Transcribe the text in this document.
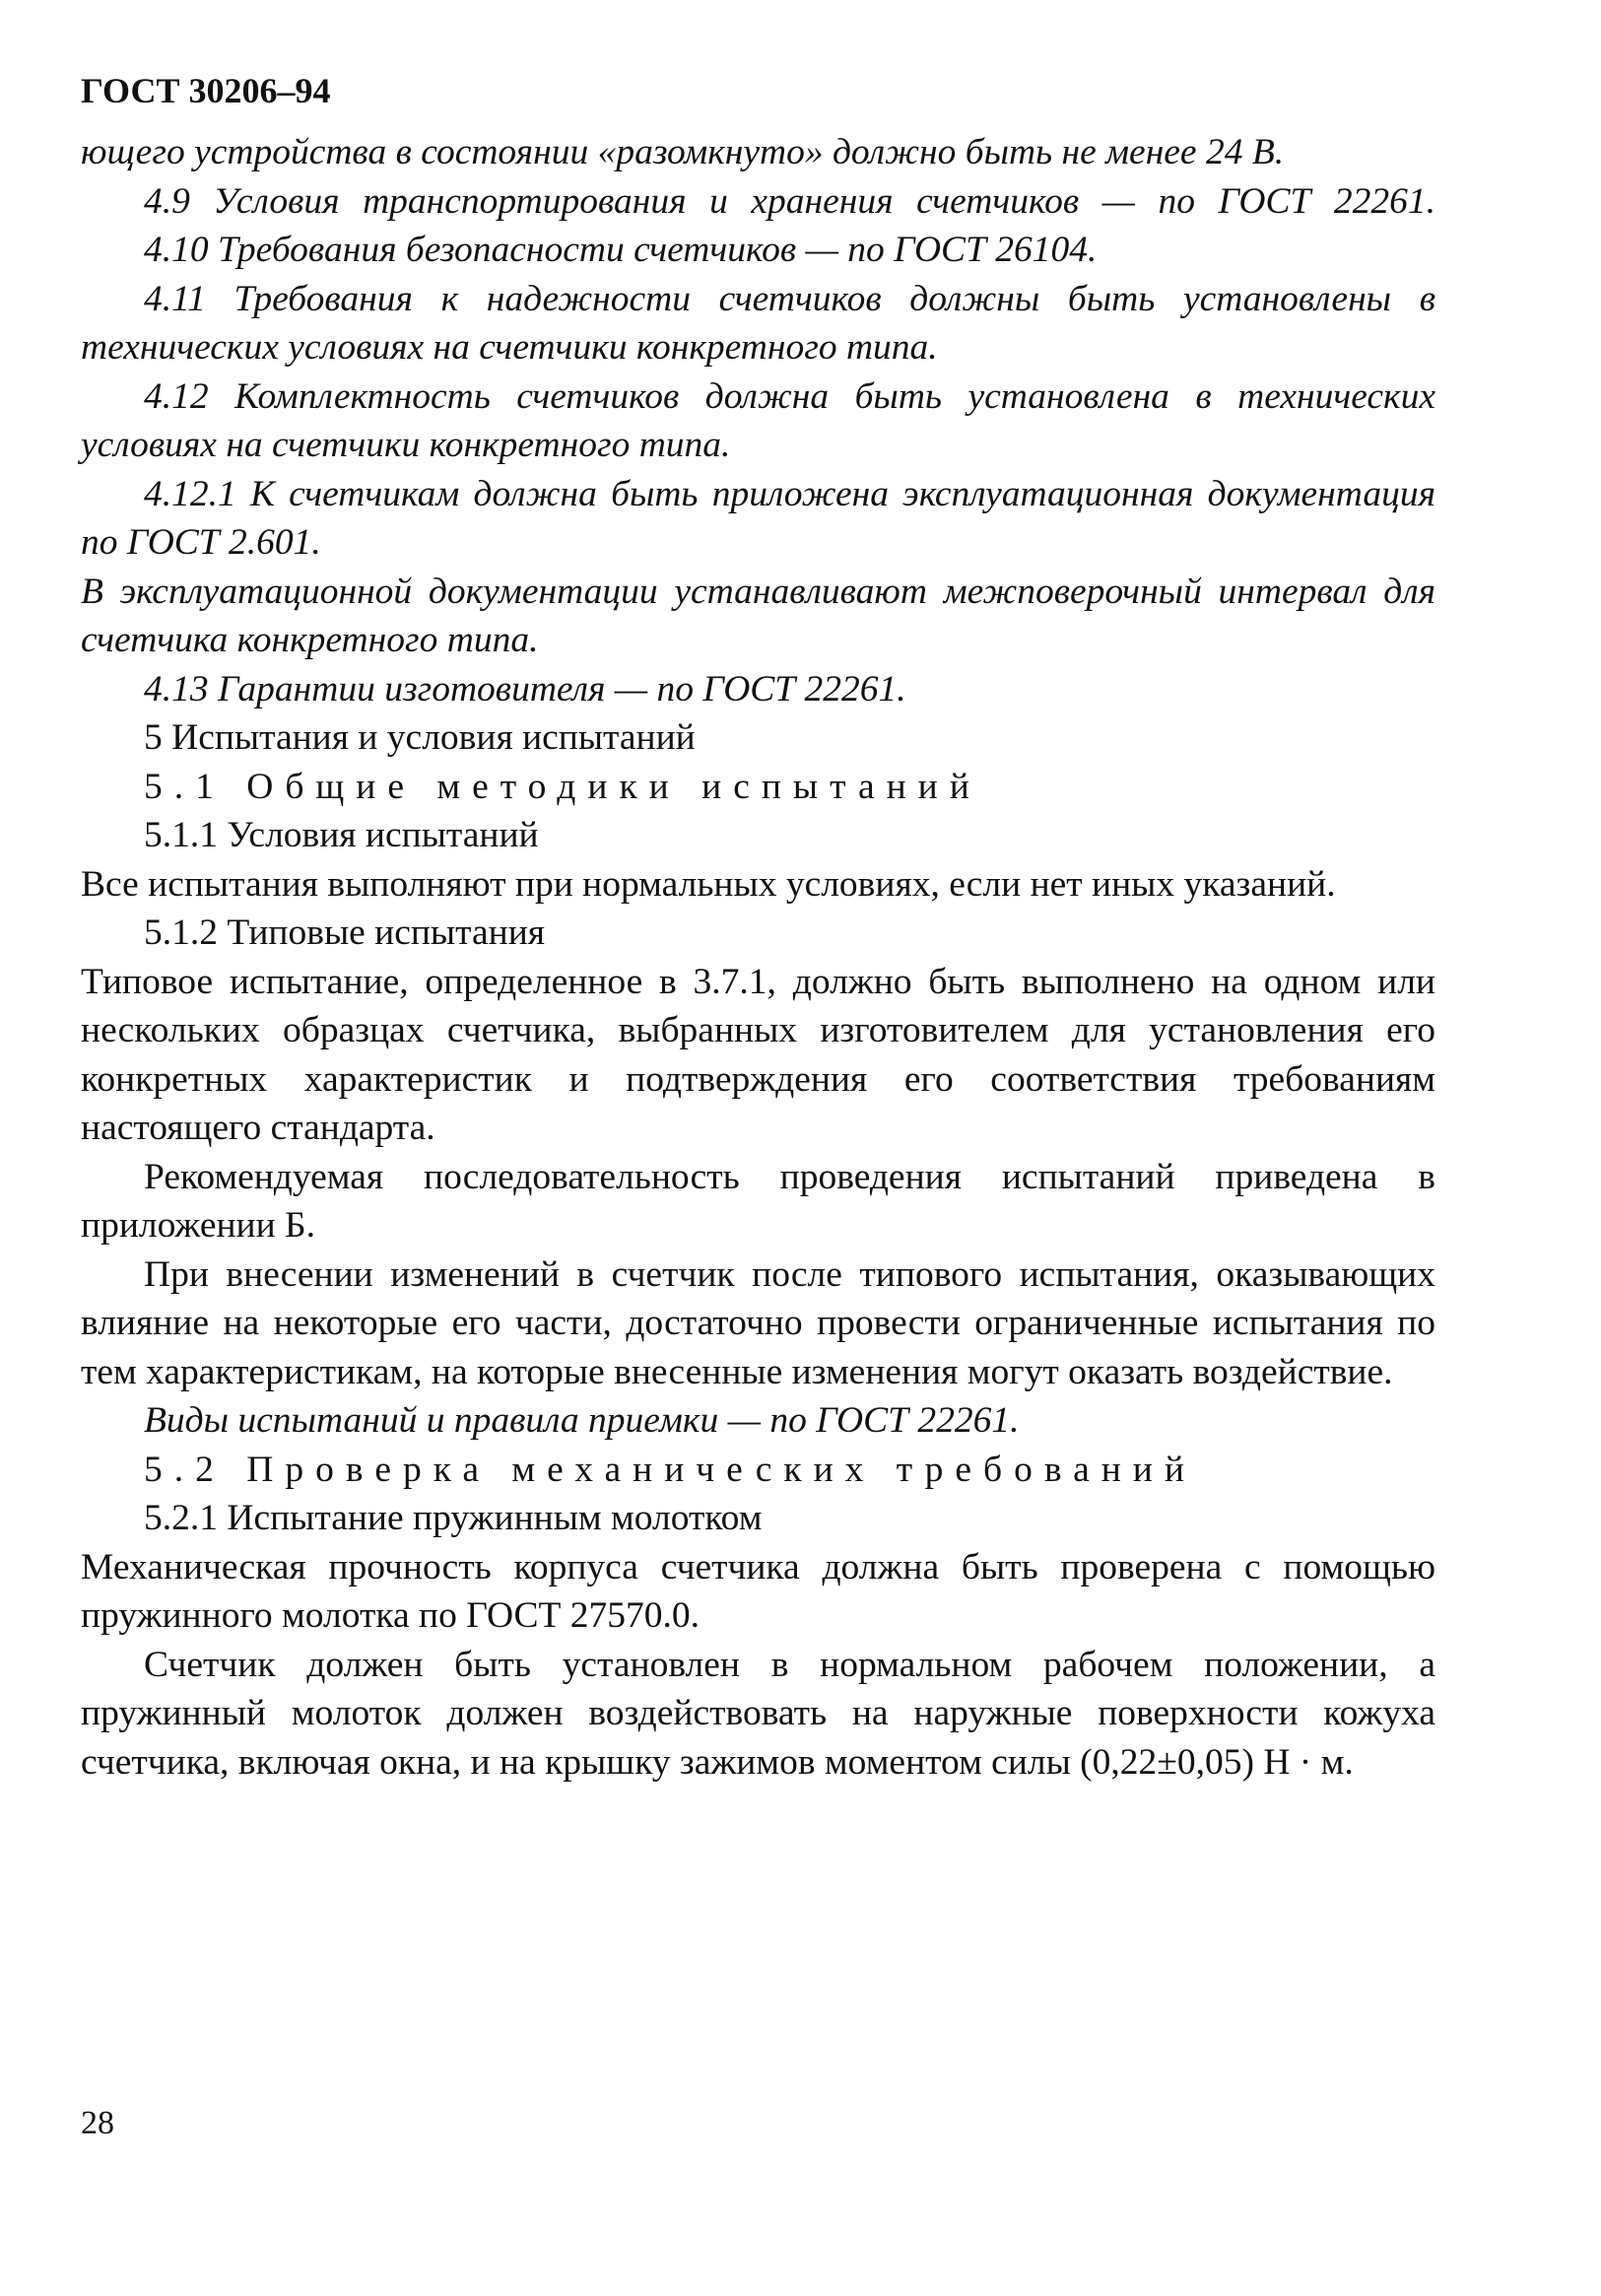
ГОСТ 30206–94

ющего устройства в состоянии «разомкнуто» должно быть не менее 24 В.

4.9 Условия транспортирования и хранения счетчиков — по ГОСТ 22261.

4.10 Требования безопасности счетчиков — по ГОСТ 26104.

4.11 Требования к надежности счетчиков должны быть установлены в технических условиях на счетчики конкретного типа.

4.12 Комплектность счетчиков должна быть установлена в технических условиях на счетчики конкретного типа.

4.12.1 К счетчикам должна быть приложена эксплуатационная документация по ГОСТ 2.601.

В эксплуатационной документации устанавливают межповерочный интервал для счетчика конкретного типа.

4.13 Гарантии изготовителя — по ГОСТ 22261.

5 Испытания и условия испытаний

5.1 Общие методики испытаний

5.1.1 Условия испытаний

Все испытания выполняют при нормальных условиях, если нет иных указаний.

5.1.2 Типовые испытания

Типовое испытание, определенное в 3.7.1, должно быть выполнено на одном или нескольких образцах счетчика, выбранных изготовителем для установления его конкретных характеристик и подтверждения его соответствия требованиям настоящего стандарта.

Рекомендуемая последовательность проведения испытаний приведена в приложении Б.

При внесении изменений в счетчик после типового испытания, оказывающих влияние на некоторые его части, достаточно провести ограниченные испытания по тем характеристикам, на которые внесенные изменения могут оказать воздействие.

Виды испытаний и правила приемки — по ГОСТ 22261.

5.2 Проверка механических требований

5.2.1 Испытание пружинным молотком

Механическая прочность корпуса счетчика должна быть проверена с помощью пружинного молотка по ГОСТ 27570.0.

Счетчик должен быть установлен в нормальном рабочем положении, а пружинный молоток должен воздействовать на наружные поверхности кожуха счетчика, включая окна, и на крышку зажимов моментом силы (0,22±0,05) Н · м.

28
